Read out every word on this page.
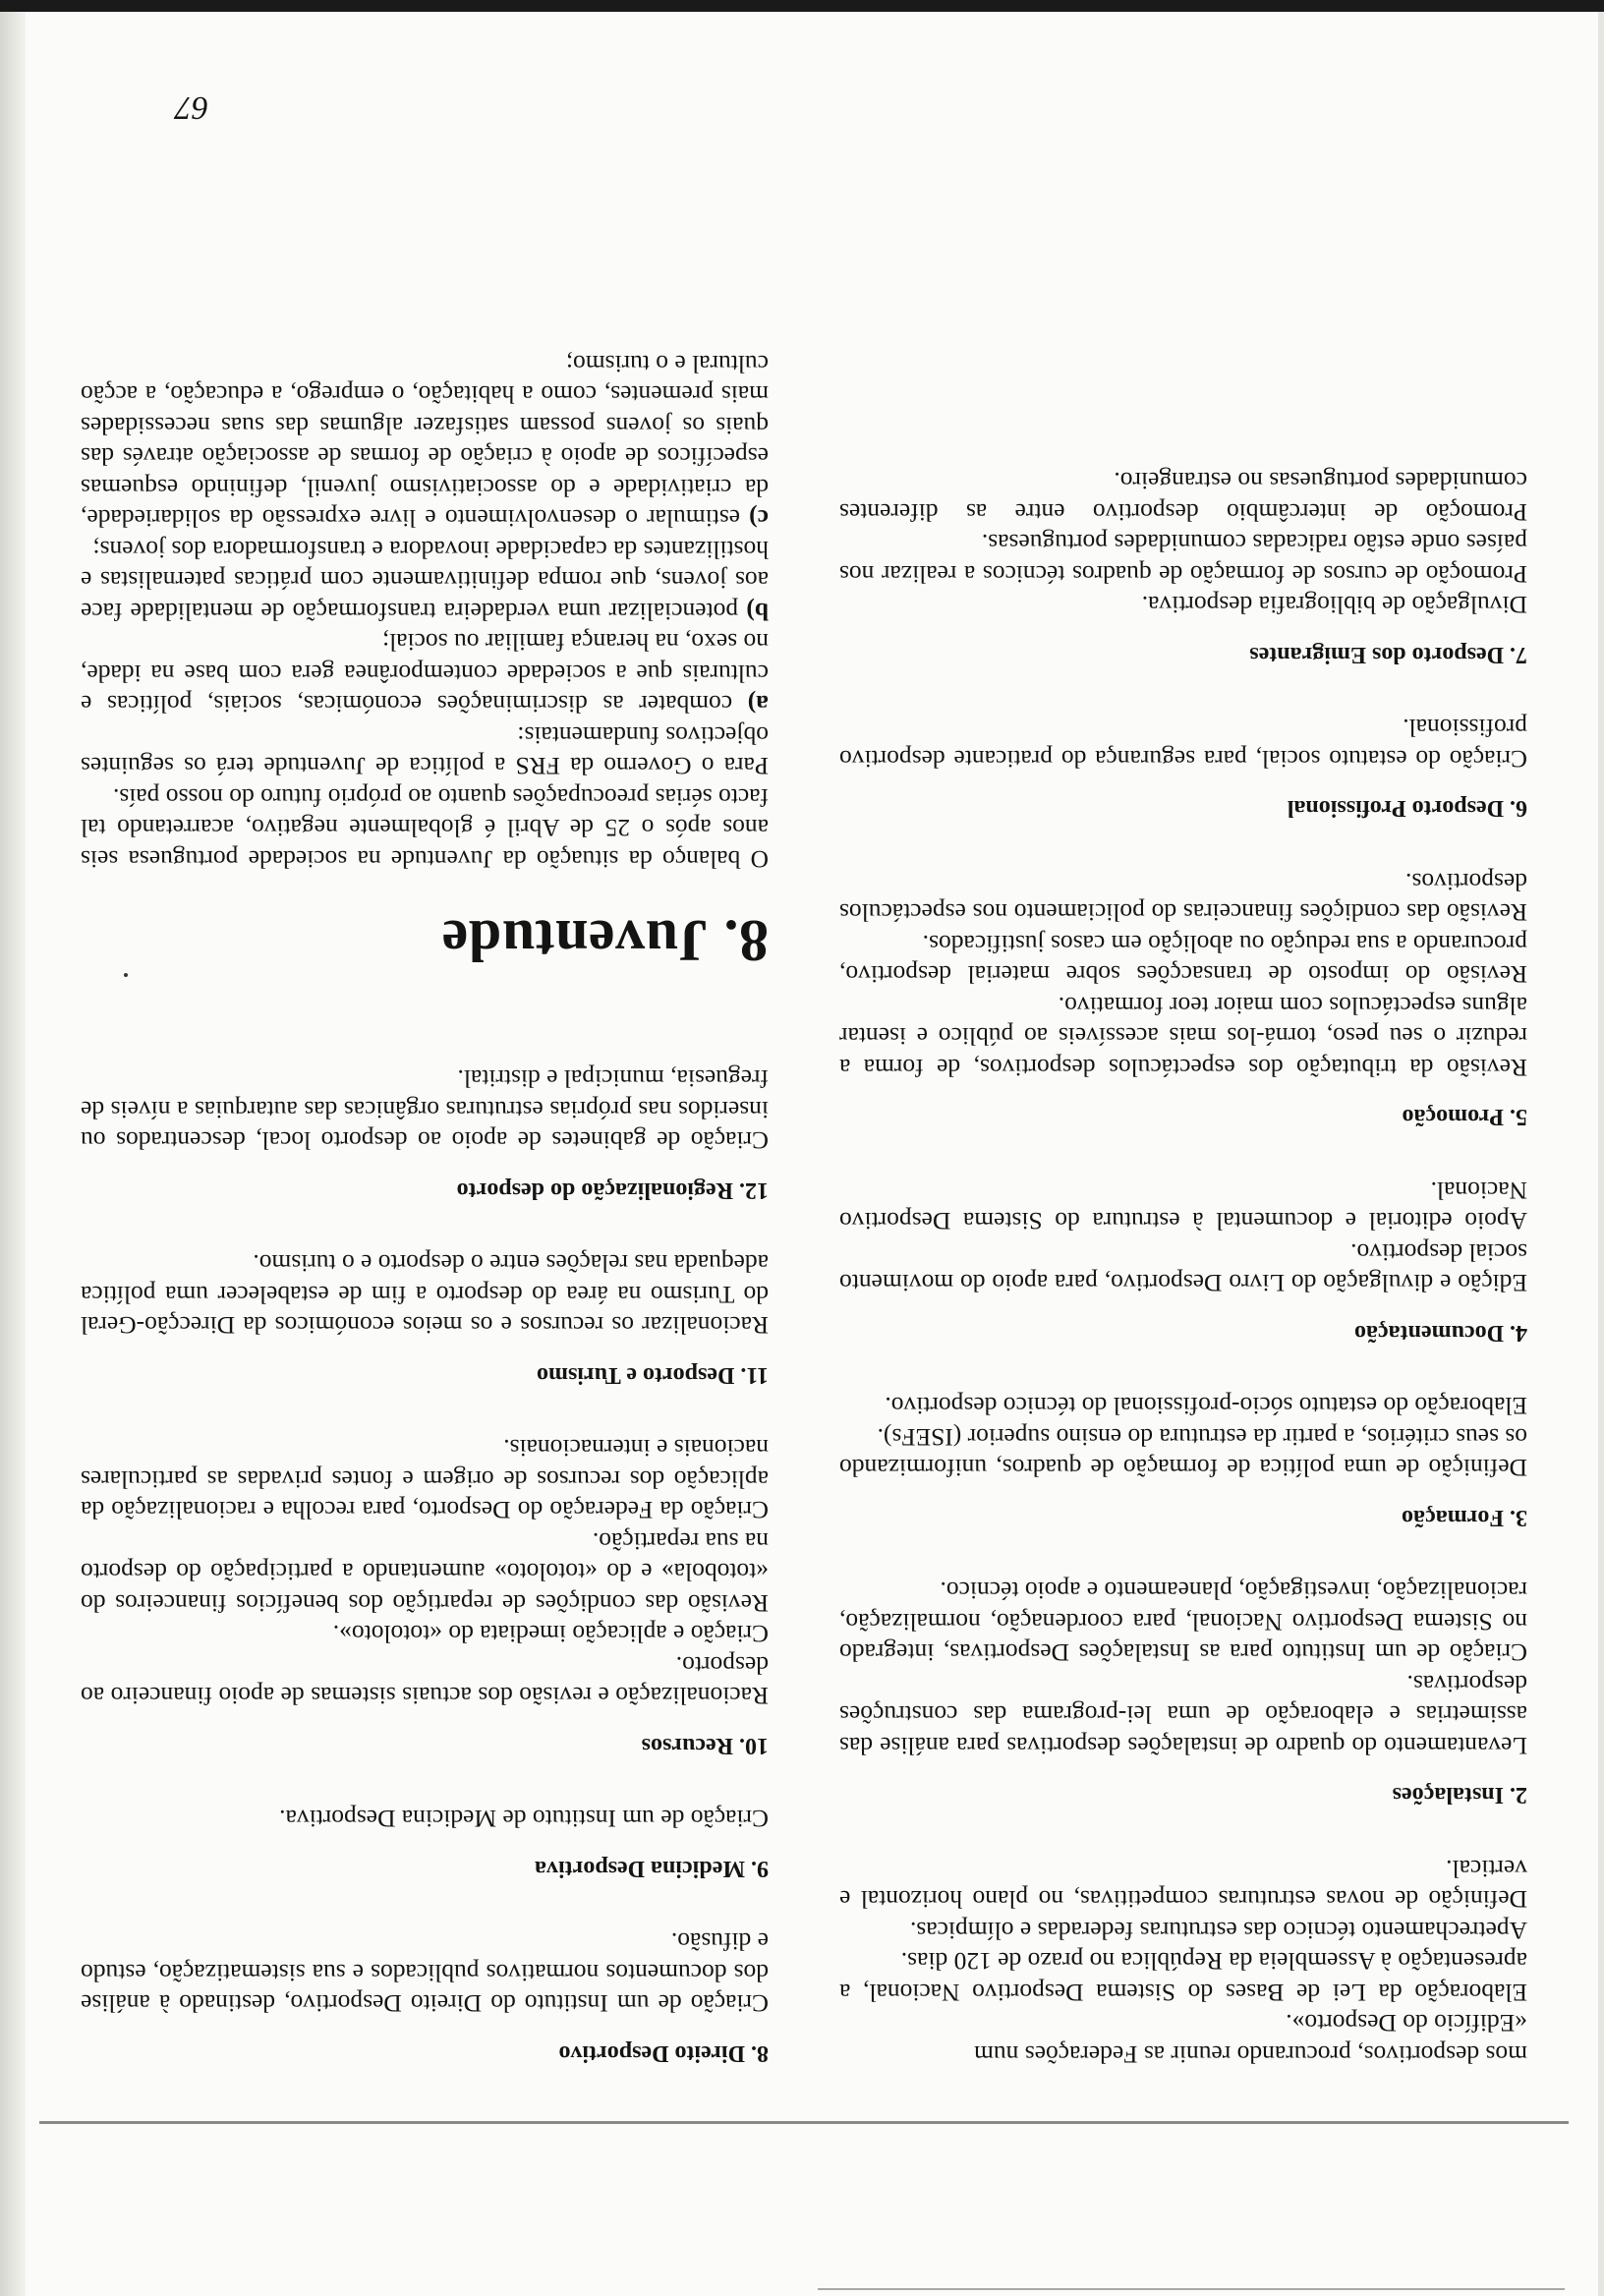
67

mos desportivos, procurando reunir as Federações num

«Edifício do Desporto».

Elaboração da Lei de Bases do Sistema Desportivo Nacional, a apresentação à Assembleia da República no prazo de 120 dias.

Apetrechamento técnico das estruturas federadas e olímpicas.

Definição de novas estruturas competitivas, no plano horizontal e vertical.

2. Instalações

Levantamento do quadro de instalações desportivas para análise das assimetrias e elaboração de uma lei-programa das construções desportivas.

Criação de um Instituto para as Instalações Desportivas, integrado no Sistema Desportivo Nacional, para coordenação, normalização, racionalização, investigação, planeamento e apoio técnico.

3. Formação

Definição de uma política de formação de quadros, uniformizando os seus critérios, a partir da estrutura do ensino superior (ISEFs).

Elaboração do estatuto sócio-profissional do técnico desportivo.

4. Documentação

Edição e divulgação do Livro Desportivo, para apoio do movimento social desportivo.

Apoio editorial e documental à estrutura do Sistema Desportivo Nacional.

5. Promoção

Revisão da tributação dos espectáculos desportivos, de forma a reduzir o seu peso, torná-los mais acessíveis ao público e isentar alguns espectáculos com maior teor formativo.

Revisão do imposto de transacções sobre material desportivo, procurando a sua redução ou abolição em casos justificados.

Revisão das condições financeiras do policiamento nos espectáculos desportivos.

6. Desporto Profissional

Criação do estatuto social, para segurança do praticante desportivo profissional.

7. Desporto dos Emigrantes

Divulgação de bibliografia desportiva.

Promoção de cursos de formação de quadros técnicos a realizar nos países onde estão radicadas comunidades portuguesas.

Promoção de intercâmbio desportivo entre as diferentes comunidades portuguesas no estrangeiro.

8. Direito Desportivo

Criação de um Instituto do Direito Desportivo, destinado à análise dos documentos normativos publicados e sua sistematização, estudo e difusão.

9. Medicina Desportiva

Criação de um Instituto de Medicina Desportiva.

10. Recursos

Racionalização e revisão dos actuais sistemas de apoio financeiro ao desporto.

Criação e aplicação imediata do «totoloto».

Revisão das condições de repartição dos benefícios financeiros do «totobola» e do «totoloto» aumentando a participação do desporto na sua repartição.

Criação da Federação do Desporto, para recolha e racionalização da aplicação dos recursos de origem e fontes privadas as particulares nacionais e internacionais.

11. Desporto e Turismo

Racionalizar os recursos e os meios económicos da Direcção-Geral do Turismo na área do desporto a fim de estabelecer uma política adequada nas relações entre o desporto e o turismo.

12. Regionalização do desporto

Criação de gabinetes de apoio ao desporto local, descentrados ou inseridos nas próprias estruturas orgânicas das autarquias a níveis de freguesia, municipal e distrital.

8. Juventude

O balanço da situação da Juventude na sociedade portuguesa seis anos após o 25 de Abril é globalmente negativo, acarretando tal facto sérias preocupações quanto ao próprio futuro do nosso país.

Para o Governo da FRS a política de Juventude terá os seguintes objectivos fundamentais:

a) combater as discriminações económicas, sociais, políticas e culturais que a sociedade contemporânea gera com base na idade, no sexo, na herança familiar ou social;
b) potencializar uma verdadeira transformação de mentalidade face aos jovens, que rompa definitivamente com práticas paternalistas e hostilizantes da capacidade inovadora e transformadora dos jovens;
c) estimular o desenvolvimento e livre expressão da solidariedade, da criatividade e do associativismo juvenil, definindo esquemas específicos de apoio à criação de formas de associação através das quais os jovens possam satisfazer algumas das suas necessidades mais prementes, como a habitação, o emprego, a educação, a acção cultural e o turismo;
